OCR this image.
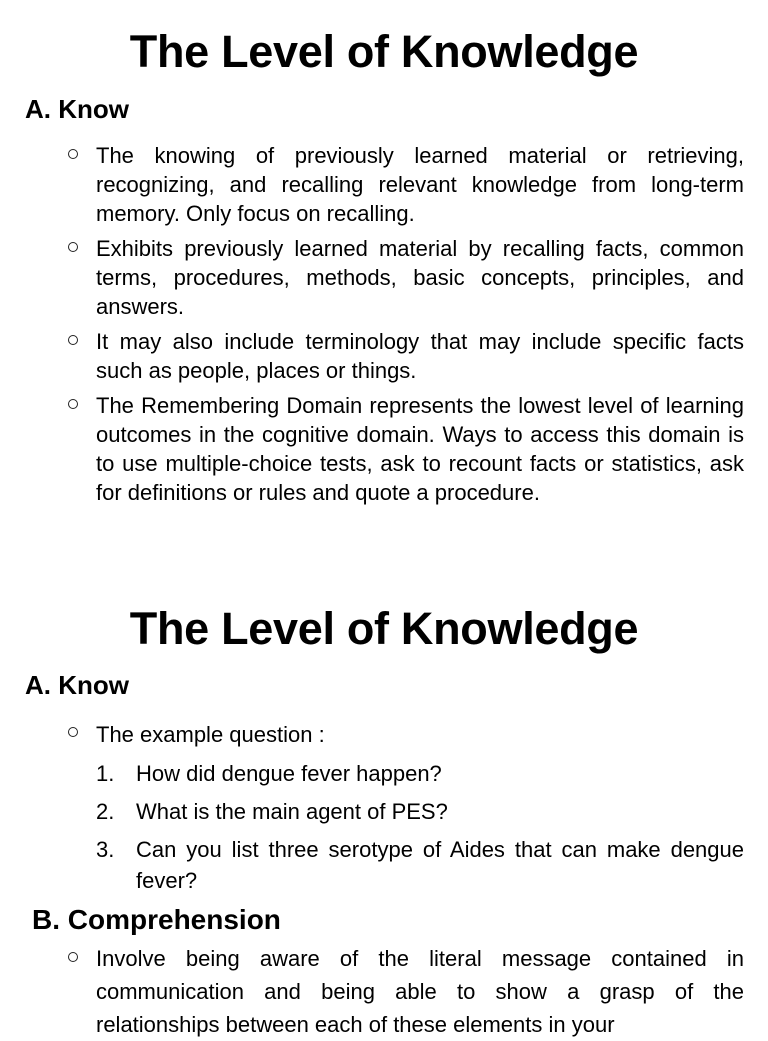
The Level of Knowledge
A. Know
The knowing of previously learned material or retrieving, recognizing, and recalling relevant knowledge from long-term memory. Only focus on recalling.
Exhibits previously learned material by recalling facts, common terms, procedures, methods, basic concepts, principles, and answers.
It may also include terminology that may include specific facts such as people, places or things.
The Remembering Domain represents the lowest level of learning outcomes in the cognitive domain. Ways to access this domain is to use multiple-choice tests, ask to recount facts or statistics, ask for definitions or rules and quote a procedure.
The Level of Knowledge
A. Know
The example question :
1. How did dengue fever happen?
2. What is the main agent of PES?
3. Can you list three serotype of Aides that can make dengue fever?
B. Comprehension
Involve being aware of the literal message contained in communication and being able to show a grasp of the relationships between each of these elements in your
